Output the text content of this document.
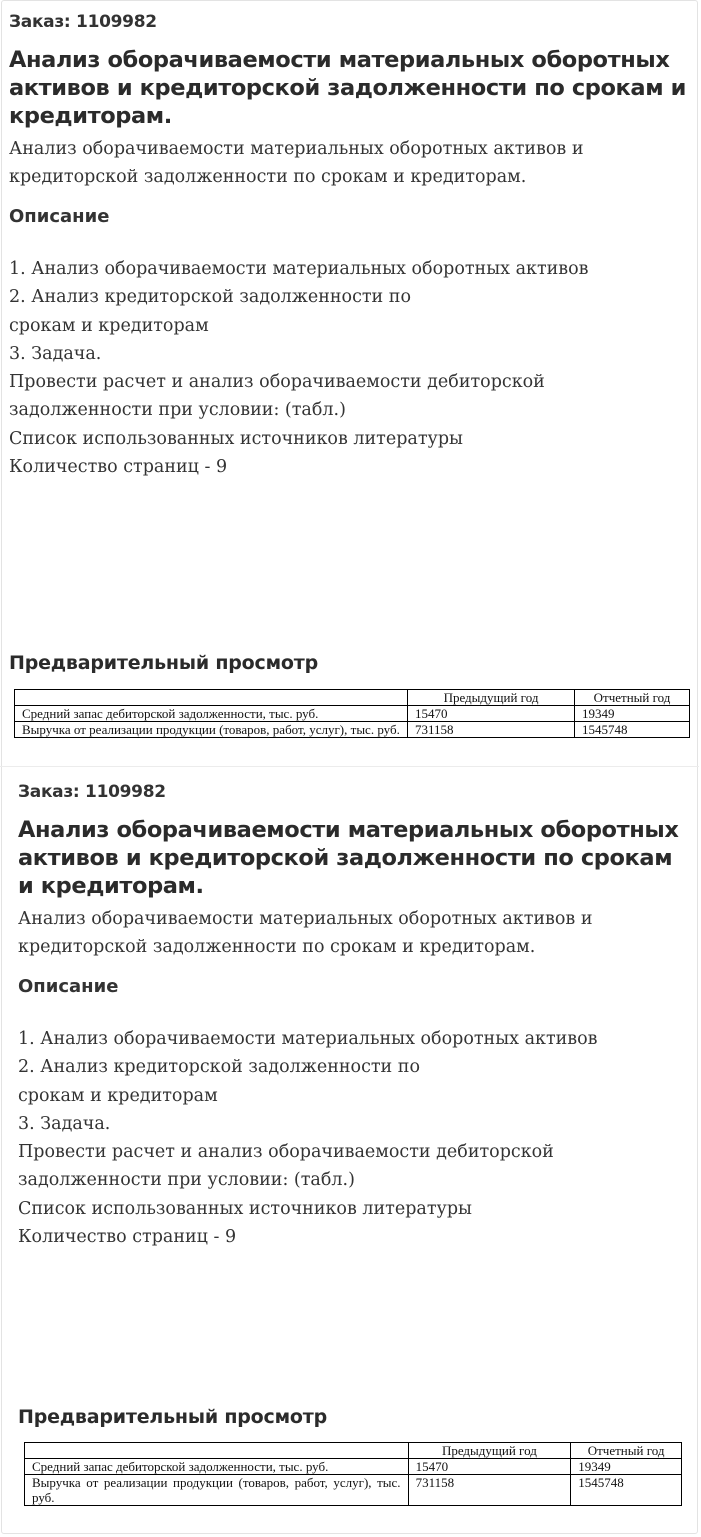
Заказ: 1109982
Анализ оборачиваемости материальных оборотных активов и кредиторской задолженности по срокам и кредиторам.

Анализ оборачиваемости материальных оборотных активов и кредиторской задолженности по срокам и кредиторам.

Описание
1. Анализ оборачиваемости материальных оборотных активов
2. Анализ кредиторской задолженности по
срокам и кредиторам
3. Задача.
Провести расчет и анализ оборачиваемости дебиторской
задолженности при условии: (табл.)
Список использованных источников литературы
Количество страниц - 9
Предварительный просмотр
	Предыдущий год	Отчетный год
Средний запас дебиторской задолженности, тыс. руб.	15470	19349
Выручка от реализации продукции (товаров, работ, услуг), тыс. руб.	731158	1545748
Заказ: 1109982
Анализ оборачиваемости материальных оборотных активов и кредиторской задолженности по срокам и кредиторам.

Анализ оборачиваемости материальных оборотных активов и кредиторской задолженности по срокам и кредиторам.

Описание
1. Анализ оборачиваемости материальных оборотных активов
2. Анализ кредиторской задолженности по
срокам и кредиторам
3. Задача.
Провести расчет и анализ оборачиваемости дебиторской
задолженности при условии: (табл.)
Список использованных источников литературы
Количество страниц - 9
Предварительный просмотр
	Предыдущий год	Отчетный год
Средний запас дебиторской задолженности, тыс. руб.	15470	19349
Выручка от реализации продукции (товаров, работ, услуг), тыс. руб.	731158	1545748
